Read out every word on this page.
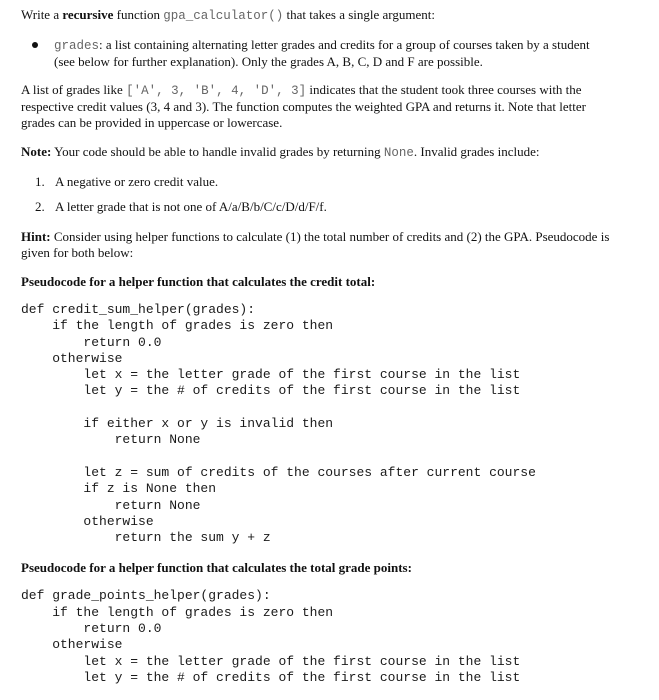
Write a recursive function gpa_calculator() that takes a single argument:

grades: a list containing alternating letter grades and credits for a group of courses taken by a student

(see below for further explanation). Only the grades A, B, C, D and F are possible.

A list of grades like ['A', 3, 'B', 4, 'D', 3] indicates that the student took three courses with the

respective credit values (3, 4 and 3). The function computes the weighted GPA and returns it. Note that letter

grades can be provided in uppercase or lowercase.

Note: Your code should be able to handle invalid grades by returning None. Invalid grades include:

1. A negative or zero credit value.
2. A letter grade that is not one of A/a/B/b/C/c/D/d/F/f.

Hint: Consider using helper functions to calculate (1) the total number of credits and (2) the GPA. Pseudocode is

given for both below:

Pseudocode for a helper function that calculates the credit total:

def credit_sum_helper(grades):
if the length of grades is zero then
return 0.0
otherwise
let x = the letter grade of the first course in the list
let y = the # of credits of the first course in the list

if either x or y is invalid then
return None

let z = sum of credits of the courses after current course
if z is None then
return None
otherwise
return the sum y + z

Pseudocode for a helper function that calculates the total grade points:

def grade_points_helper(grades):
if the length of grades is zero then
return 0.0
otherwise
let x = the letter grade of the first course in the list
let y = the # of credits of the first course in the list
